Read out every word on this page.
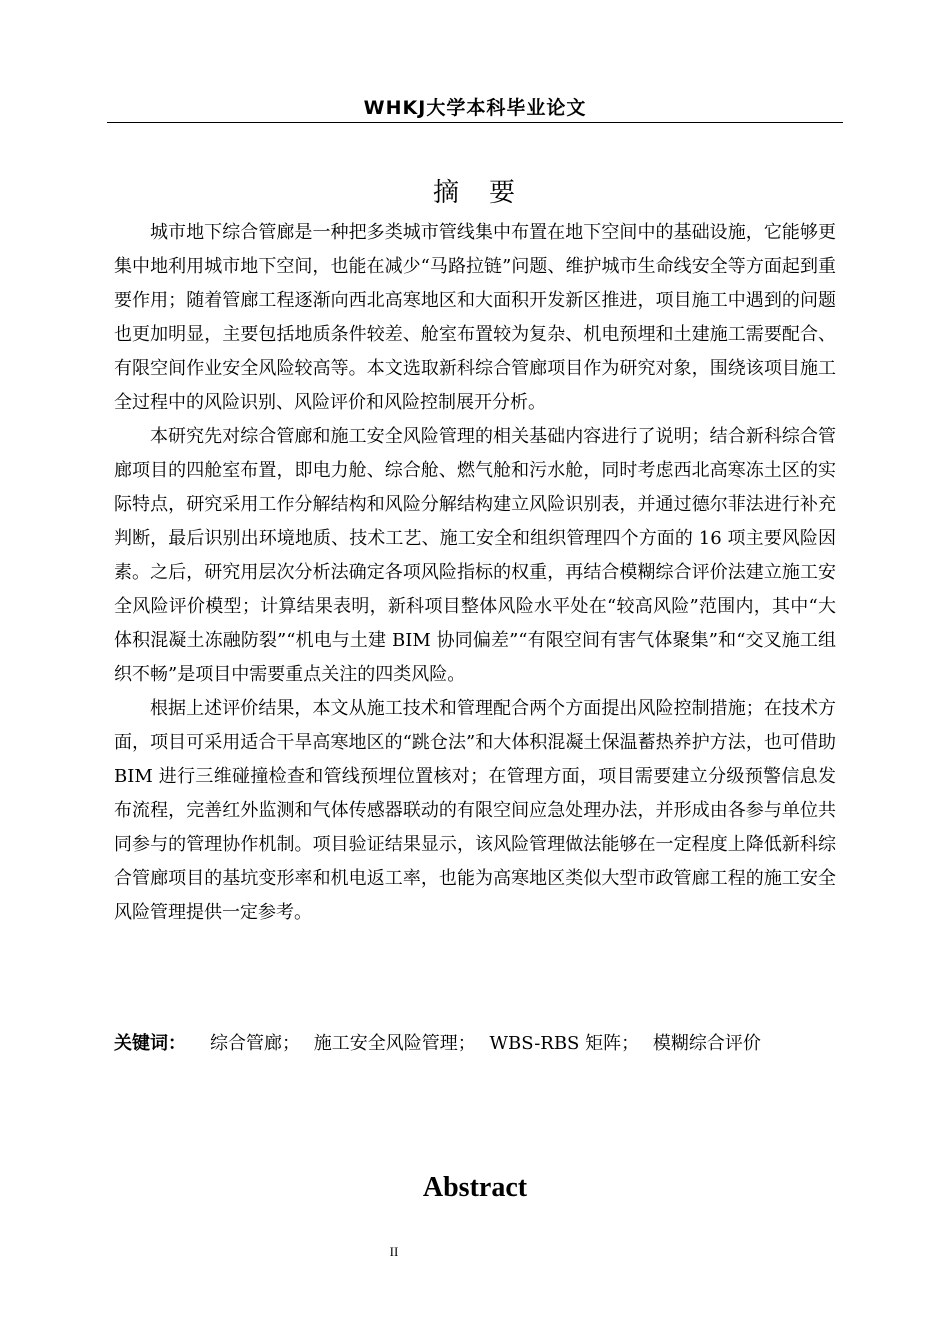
WHKJ大学本科毕业论文
摘　要

城市地下综合管廊是一种把多类城市管线集中布置在地下空间中的基础设施，它能够更集中地利用城市地下空间，也能在减少“马路拉链”问题、维护城市生命线安全等方面起到重要作用；随着管廊工程逐渐向西北高寒地区和大面积开发新区推进，项目施工中遇到的问题也更加明显，主要包括地质条件较差、舱室布置较为复杂、机电预埋和土建施工需要配合、有限空间作业安全风险较高等。本文选取新科综合管廊项目作为研究对象，围绕该项目施工全过程中的风险识别、风险评价和风险控制展开分析。

本研究先对综合管廊和施工安全风险管理的相关基础内容进行了说明；结合新科综合管廊项目的四舱室布置，即电力舱、综合舱、燃气舱和污水舱，同时考虑西北高寒冻土区的实际特点，研究采用工作分解结构和风险分解结构建立风险识别表，并通过德尔菲法进行补充判断，最后识别出环境地质、技术工艺、施工安全和组织管理四个方面的 16 项主要风险因素。之后，研究用层次分析法确定各项风险指标的权重，再结合模糊综合评价法建立施工安全风险评价模型；计算结果表明，新科项目整体风险水平处在“较高风险”范围内，其中“大体积混凝土冻融防裂”“机电与土建 BIM 协同偏差”“有限空间有害气体聚集”和“交叉施工组织不畅”是项目中需要重点关注的四类风险。

根据上述评价结果，本文从施工技术和管理配合两个方面提出风险控制措施；在技术方面，项目可采用适合干旱高寒地区的“跳仓法”和大体积混凝土保温蓄热养护方法，也可借助 BIM 进行三维碰撞检查和管线预埋位置核对；在管理方面，项目需要建立分级预警信息发布流程，完善红外监测和气体传感器联动的有限空间应急处理办法，并形成由各参与单位共同参与的管理协作机制。项目验证结果显示，该风险管理做法能够在一定程度上降低新科综合管廊项目的基坑变形率和机电返工率，也能为高寒地区类似大型市政管廊工程的施工安全风险管理提供一定参考。

关键词： 综合管廊； 施工安全风险管理； WBS-RBS 矩阵； 模糊综合评价
Abstract
II
